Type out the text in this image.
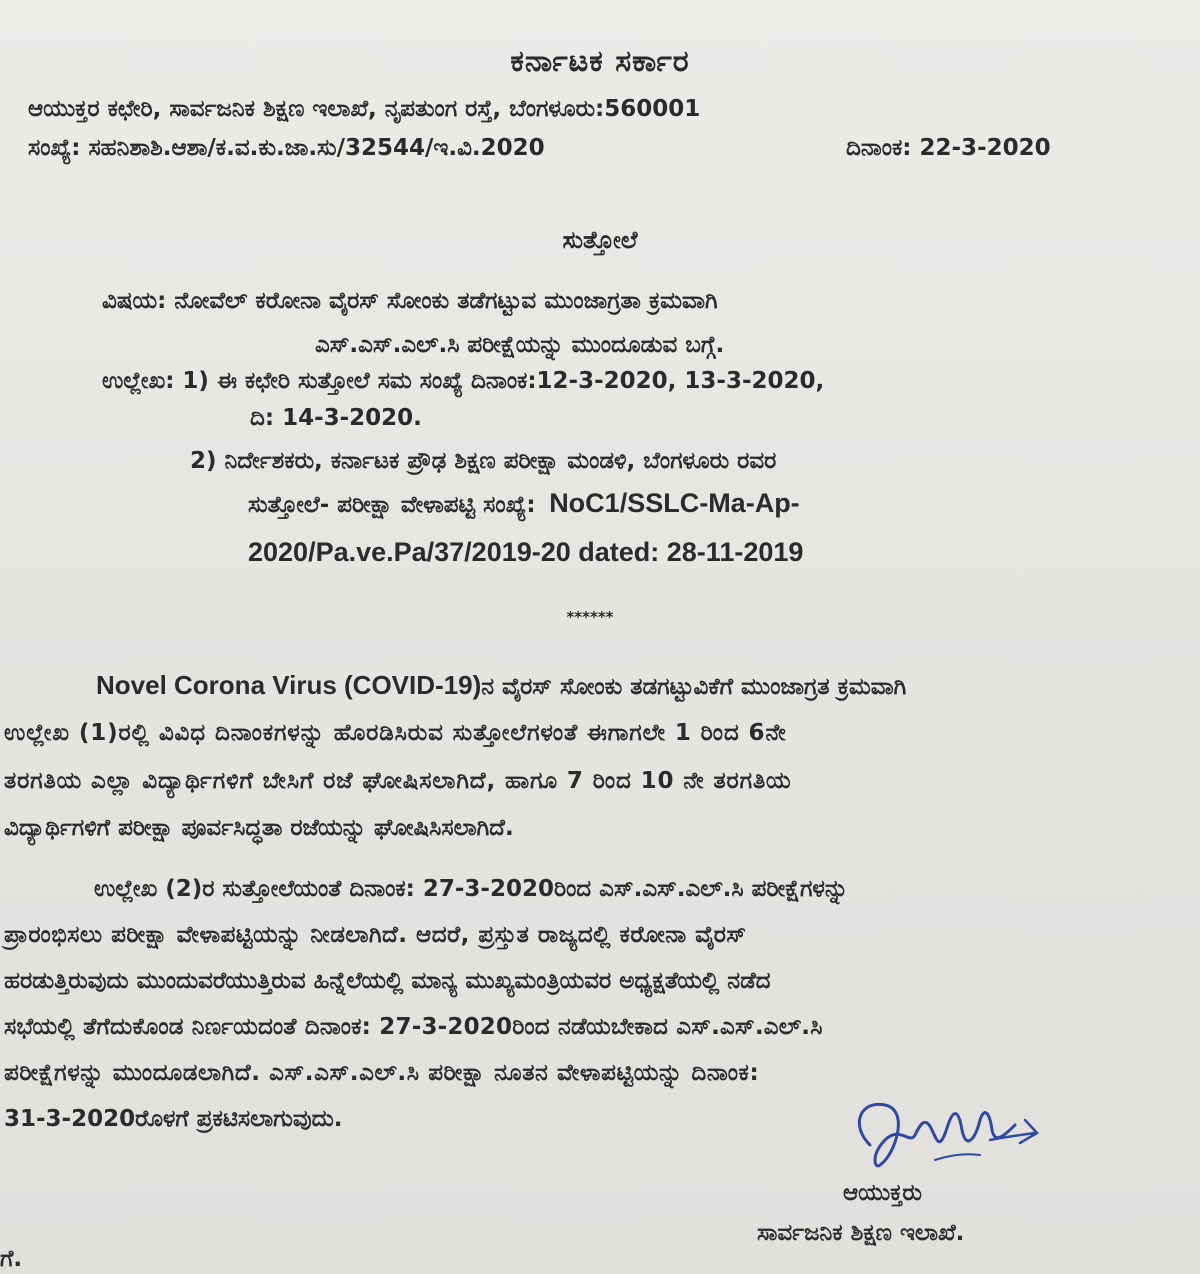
ಕರ್ನಾಟಕ ಸರ್ಕಾರ
ಆಯುಕ್ತರ ಕಛೇರಿ, ಸಾರ್ವಜನಿಕ ಶಿಕ್ಷಣ ಇಲಾಖೆ, ನೃಪತುಂಗ ರಸ್ತೆ, ಬೆಂಗಳೂರು:560001
ಸಂಖ್ಯೆ: ಸಹನಿಶಾಶಿ.ಆಶಾ/ಕ.ವ.ಕು.ಜಾ.ಸು/32544/ಇ.ವಿ.2020	ದಿನಾಂಕ: 22-3-2020
ಸುತ್ತೋಲೆ
ವಿಷಯ: ನೋವೆಲ್ ಕರೋನಾ ವೈರಸ್ ಸೋಂಕು ತಡೆಗಟ್ಟುವ ಮುಂಜಾಗ್ರತಾ ಕ್ರಮವಾಗಿ
ಎಸ್.ಎಸ್.ಎಲ್.ಸಿ ಪರೀಕ್ಷೆಯನ್ನು ಮುಂದೂಡುವ ಬಗ್ಗೆ.
ಉಲ್ಲೇಖ: 1) ಈ ಕಛೇರಿ ಸುತ್ತೋಲೆ ಸಮ ಸಂಖ್ಯೆ ದಿನಾಂಕ:12-3-2020, 13-3-2020,
ದಿ: 14-3-2020.
2) ನಿರ್ದೇಶಕರು, ಕರ್ನಾಟಕ ಪ್ರೌಢ ಶಿಕ್ಷಣ ಪರೀಕ್ಷಾ ಮಂಡಳಿ, ಬೆಂಗಳೂರು ರವರ
ಸುತ್ತೋಲೆ- ಪರೀಕ್ಷಾ ವೇಳಾಪಟ್ಟಿ ಸಂಖ್ಯೆ: NoC1/SSLC-Ma-Ap-
2020/Pa.ve.Pa/37/2019-20 dated: 28-11-2019
******
Novel Corona Virus (COVID-19)ನ ವೈರಸ್ ಸೋಂಕು ತಡಗಟ್ಟುವಿಕೆಗೆ ಮುಂಜಾಗ್ರತ ಕ್ರಮವಾಗಿ
ಉಲ್ಲೇಖ (1)ರಲ್ಲಿ ವಿವಿಧ ದಿನಾಂಕಗಳನ್ನು ಹೊರಡಿಸಿರುವ ಸುತ್ತೋಲೆಗಳಂತೆ ಈಗಾಗಲೇ 1 ರಿಂದ 6ನೇ
ತರಗತಿಯ ಎಲ್ಲಾ ವಿದ್ಯಾರ್ಥಿಗಳಿಗೆ ಬೇಸಿಗೆ ರಜೆ ಘೋಷಿಸಲಾಗಿದೆ, ಹಾಗೂ 7 ರಿಂದ 10 ನೇ ತರಗತಿಯ
ವಿದ್ಯಾರ್ಥಿಗಳಿಗೆ ಪರೀಕ್ಷಾ ಪೂರ್ವಸಿದ್ಧತಾ ರಜೆಯನ್ನು ಘೋಷಿಸಿಸಲಾಗಿದೆ.
ಉಲ್ಲೇಖ (2)ರ ಸುತ್ತೋಲೆಯಂತೆ ದಿನಾಂಕ: 27-3-2020ರಿಂದ ಎಸ್.ಎಸ್.ಎಲ್.ಸಿ ಪರೀಕ್ಷೆಗಳನ್ನು
ಪ್ರಾರಂಭಿಸಲು ಪರೀಕ್ಷಾ ವೇಳಾಪಟ್ಟಿಯನ್ನು ನೀಡಲಾಗಿದೆ. ಆದರೆ, ಪ್ರಸ್ತುತ ರಾಜ್ಯದಲ್ಲಿ ಕರೋನಾ ವೈರಸ್
ಹರಡುತ್ತಿರುವುದು ಮುಂದುವರೆಯುತ್ತಿರುವ ಹಿನ್ನೆಲೆಯಲ್ಲಿ ಮಾನ್ಯ ಮುಖ್ಯಮಂತ್ರಿಯವರ ಅಧ್ಯಕ್ಷತೆಯಲ್ಲಿ ನಡೆದ
ಸಭೆಯಲ್ಲಿ ತೆಗೆದುಕೊಂಡ ನಿರ್ಣಯದಂತೆ ದಿನಾಂಕ: 27-3-2020ರಿಂದ ನಡೆಯಬೇಕಾದ ಎಸ್.ಎಸ್.ಎಲ್.ಸಿ
ಪರೀಕ್ಷೆಗಳನ್ನು ಮುಂದೂಡಲಾಗಿದೆ. ಎಸ್.ಎಸ್.ಎಲ್.ಸಿ ಪರೀಕ್ಷಾ ನೂತನ ವೇಳಾಪಟ್ಟಿಯನ್ನು ದಿನಾಂಕ:
31-3-2020ರೊಳಗೆ ಪ್ರಕಟಿಸಲಾಗುವುದು.
ಆಯುಕ್ತರು
ಸಾರ್ವಜನಿಕ ಶಿಕ್ಷಣ ಇಲಾಖೆ.
ಗೆ.
